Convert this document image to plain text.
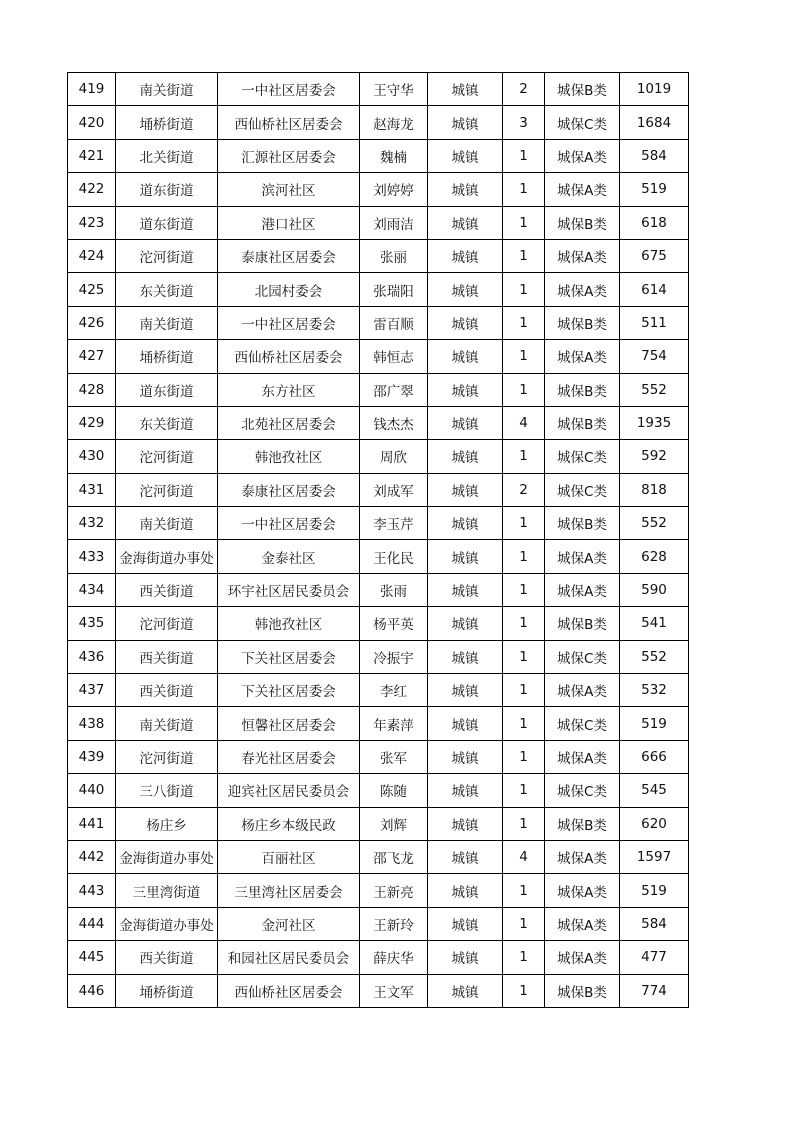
419	南关街道	一中社区居委会	王守华	城镇	2	城保B类	1019
420	埇桥街道	西仙桥社区居委会	赵海龙	城镇	3	城保C类	1684
421	北关街道	汇源社区居委会	魏楠	城镇	1	城保A类	584
422	道东街道	滨河社区	刘婷婷	城镇	1	城保A类	519
423	道东街道	港口社区	刘雨洁	城镇	1	城保B类	618
424	沱河街道	泰康社区居委会	张丽	城镇	1	城保A类	675
425	东关街道	北园村委会	张瑞阳	城镇	1	城保A类	614
426	南关街道	一中社区居委会	雷百顺	城镇	1	城保B类	511
427	埇桥街道	西仙桥社区居委会	韩恒志	城镇	1	城保A类	754
428	道东街道	东方社区	邵广翠	城镇	1	城保B类	552
429	东关街道	北苑社区居委会	钱杰杰	城镇	4	城保B类	1935
430	沱河街道	韩池孜社区	周欣	城镇	1	城保C类	592
431	沱河街道	泰康社区居委会	刘成军	城镇	2	城保C类	818
432	南关街道	一中社区居委会	李玉芹	城镇	1	城保B类	552
433	金海街道办事处	金泰社区	王化民	城镇	1	城保A类	628
434	西关街道	环宇社区居民委员会	张雨	城镇	1	城保A类	590
435	沱河街道	韩池孜社区	杨平英	城镇	1	城保B类	541
436	西关街道	下关社区居委会	冷振宇	城镇	1	城保C类	552
437	西关街道	下关社区居委会	李红	城镇	1	城保A类	532
438	南关街道	恒馨社区居委会	年素萍	城镇	1	城保C类	519
439	沱河街道	春光社区居委会	张军	城镇	1	城保A类	666
440	三八街道	迎宾社区居民委员会	陈随	城镇	1	城保C类	545
441	杨庄乡	杨庄乡本级民政	刘辉	城镇	1	城保B类	620
442	金海街道办事处	百丽社区	邵飞龙	城镇	4	城保A类	1597
443	三里湾街道	三里湾社区居委会	王新亮	城镇	1	城保A类	519
444	金海街道办事处	金河社区	王新玲	城镇	1	城保A类	584
445	西关街道	和园社区居民委员会	薛庆华	城镇	1	城保A类	477
446	埇桥街道	西仙桥社区居委会	王文军	城镇	1	城保B类	774
